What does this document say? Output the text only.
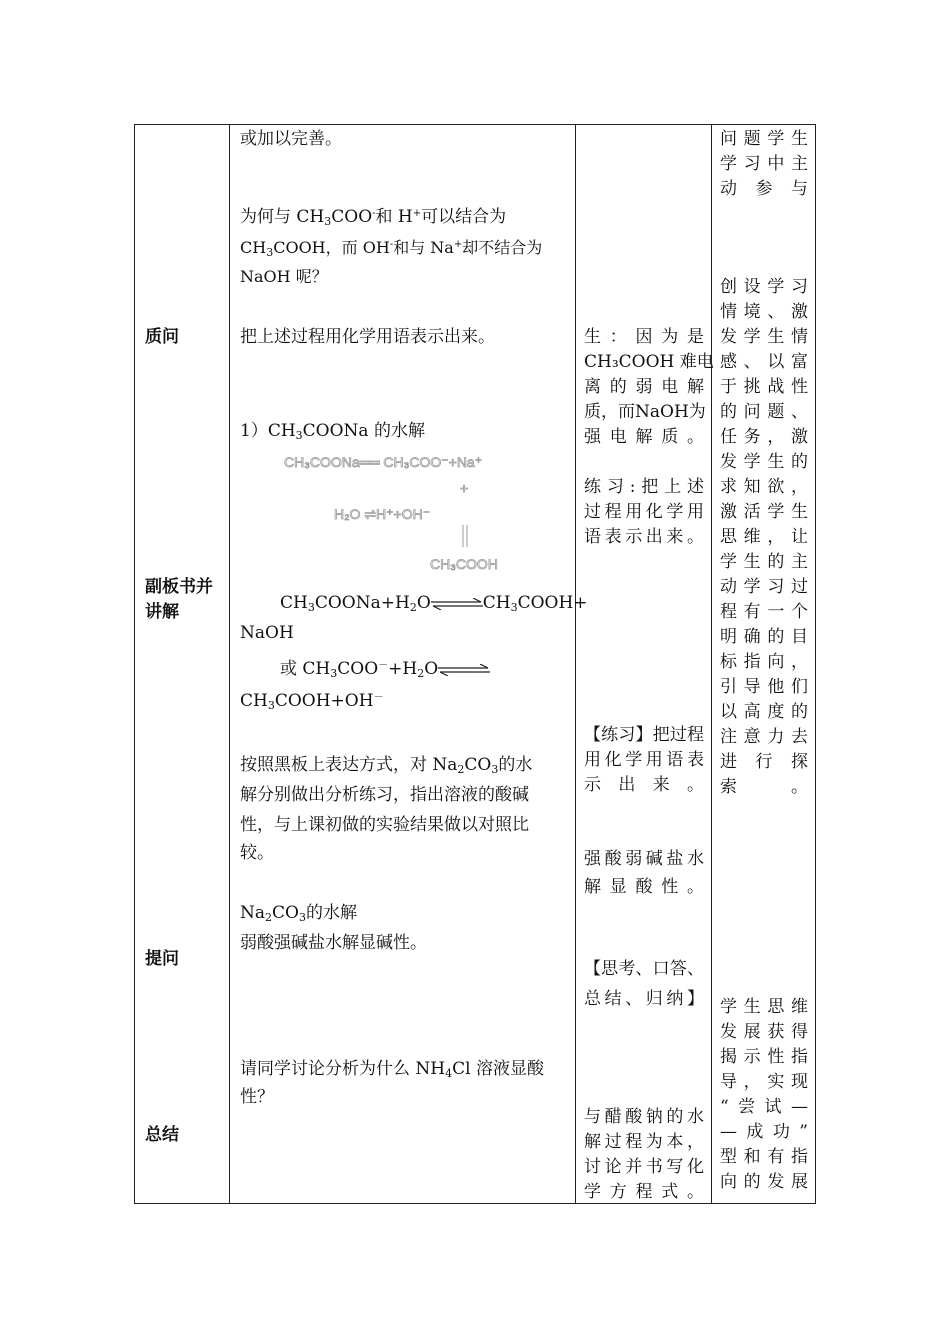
质问
副板书并
讲解
提问
总结
或加以完善。
为何与 $CH_3COO^-$和 H+可以结合为
$CH_3COOH$，而 OH-和与 Na+却不结合为
NaOH 呢？
把上述过程用化学用语表示出来。
$1)CH_3COONa$ 的水解
CH₃COONa══ CH₃COO⁻+Na⁺
+
H₂O ⇌H⁺+OH⁻
CH₃COOH
$CH_3COONa+H_2O\rightleftharpoons CH_3COOH+$
NaOH
或 $CH_3COO^-+H_2O\rightleftharpoons$
$CH_3COOH+OH^-$
按照黑板上表达方式，对 $Na_2CO_3$的水
解分别做出分析练习，指出溶液的酸碱
性，与上课初做的实验结果做以对照比
较。
$Na_2CO_3$的水解
弱酸强碱盐水解显碱性。
请同学讨论分析为什么 $NH_4Cl$ 溶液显酸
性？
生：因为是
CH₃COOH 难电
离的弱电解
质，而NaOH为
强电解质。
练习:把上述
过程用化学用
语表示出来。
【练习】把过程
用化学用语表
示出来。
强酸弱碱盐水
解显酸性。
【思考、口答、
总结、归纳】
与醋酸钠的水
解过程为本，
讨论并书写化
学方程式。
问题学生
学习中主
动参与
创设学习
情境、激
发学生情
感、以富
于挑战性
的问题、
任务，激
发学生的
求知欲，
激活学生
思维，让
学生的主
动学习过
程有一个
明确的目
标指向，
引导他们
以高度的
注意力去
进 行 探
索。
学生思维
发展获得
揭示性指
导，实现
“尝试—
—成功”
型和有指
向的发展
